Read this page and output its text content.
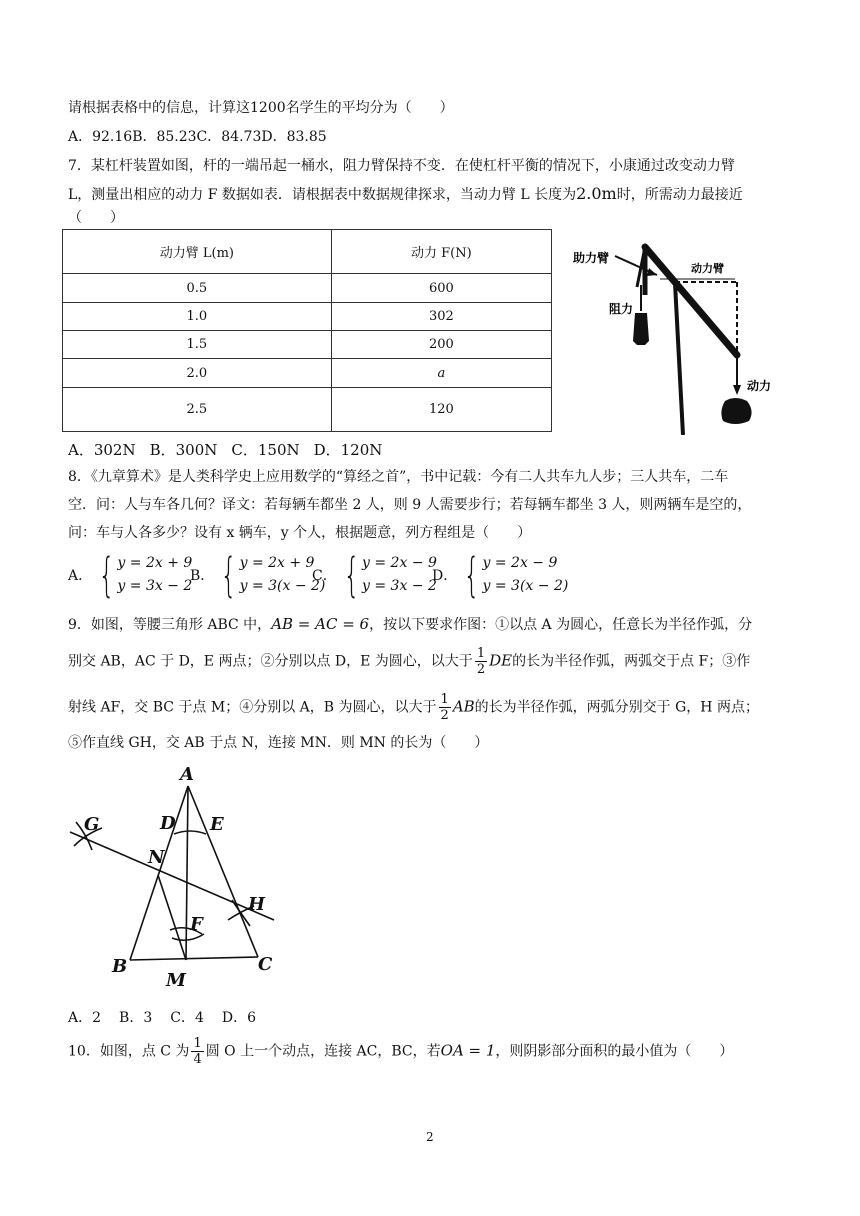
请根据表格中的信息，计算这1200名学生的平均分为（　　）
A．92.16B．85.23C．84.73D．83.85
7．某杠杆装置如图，杆的一端吊起一桶水，阻力臂保持不变．在使杠杆平衡的情况下，小康通过改变动力臂
L，测量出相应的动力 F 数据如表．请根据表中数据规律探求，当动力臂 L 长度为2.0m时，所需动力最接近
（　　）
动力臂 L(m)	动力 F(N)
0.5	600
1.0	302
1.5	200
2.0	a
2.5	120
助力臂
动力臂
阻力
动力
A．302N B．300N C．150N D．120N
8．《九章算术》是人类科学史上应用数学的“算经之首”，书中记载：今有二人共车九人步；三人共车，二车
空．问：人与车各几何？译文：若每辆车都坐 2 人，则 9 人需要步行；若每辆车都坐 3 人，则两辆车是空的，
问：车与人各多少？设有 x 辆车，y 个人，根据题意，列方程组是（　　）
A． { y = 2x + 9
y = 3x − 2
B． { y = 2x + 9
y = 3(x − 2)
C． { y = 2x − 9
y = 3x − 2
D． { y = 2x − 9
y = 3(x − 2)
9．如图，等腰三角形 ABC 中，AB = AC = 6，按以下要求作图：①以点 A 为圆心，任意长为半径作弧，分
别交 AB，AC 于 D，E 两点；②分别以点 D，E 为圆心，以大于 $\frac{1}{2}$ DE的长为半径作弧，两弧交于点 F；③作
射线 AF，交 BC 于点 M；④分别以 A，B 为圆心，以大于 $\frac{1}{2}$ AB的长为半径作弧，两弧分别交于 G，H 两点；
⑤作直线 GH，交 AB 于点 N，连接 MN．则 MN 的长为（　　）
A
B	C
D E
F
G
H
M
N
A．2 B．3 C．4 D．6
10．如图，点 C 为 $\frac{1}{4}$ 圆 O 上一个动点，连接 AC，BC，若OA = 1，则阴影部分面积的最小值为（　　）
2
